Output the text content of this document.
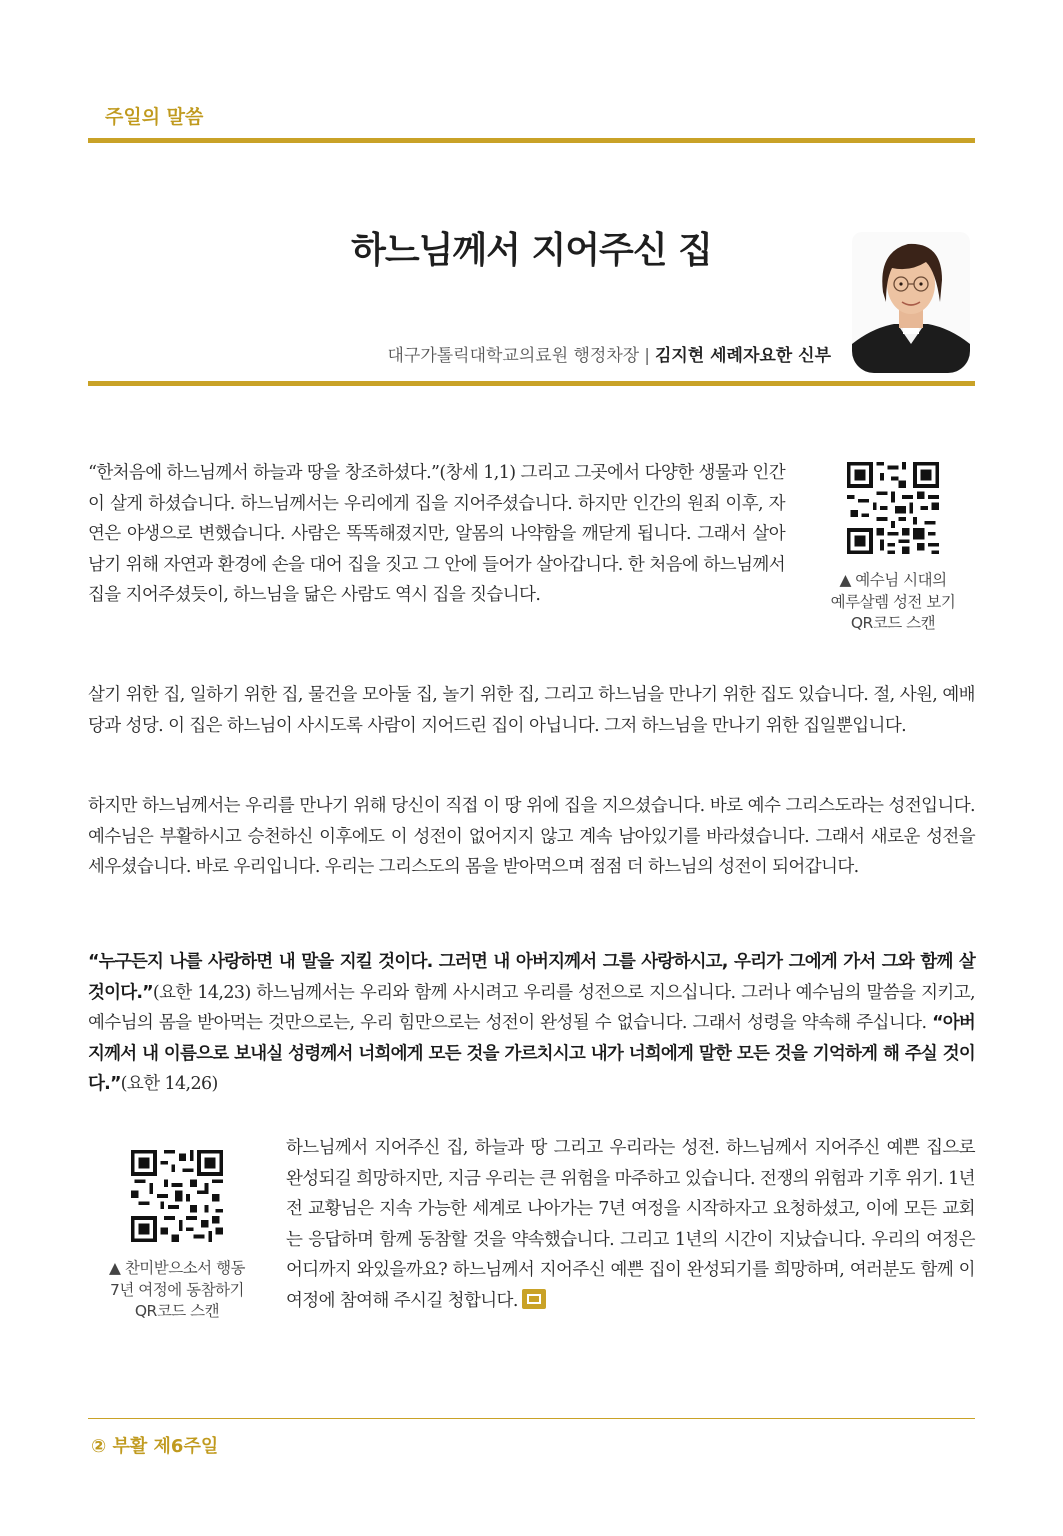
주일의 말씀
하느님께서 지어주신 집
대구가톨릭대학교의료원 행정차장 | 김지현 세례자요한 신부

“한처음에 하느님께서 하늘과 땅을 창조하셨다.”(창세 1,1) 그리고 그곳에서 다양한 생물과 인간이 살게 하셨습니다. 하느님께서는 우리에게 집을 지어주셨습니다. 하지만 인간의 원죄 이후, 자연은 야생으로 변했습니다. 사람은 똑똑해졌지만, 알몸의 나약함을 깨닫게 됩니다. 그래서 살아남기 위해 자연과 환경에 손을 대어 집을 짓고 그 안에 들어가 살아갑니다. 한 처음에 하느님께서 집을 지어주셨듯이, 하느님을 닮은 사람도 역시 집을 짓습니다.

▲ 예수님 시대의
예루살렘 성전 보기
QR코드 스캔

살기 위한 집, 일하기 위한 집, 물건을 모아둘 집, 놀기 위한 집, 그리고 하느님을 만나기 위한 집도 있습니다. 절, 사원, 예배당과 성당. 이 집은 하느님이 사시도록 사람이 지어드린 집이 아닙니다. 그저 하느님을 만나기 위한 집일뿐입니다.

하지만 하느님께서는 우리를 만나기 위해 당신이 직접 이 땅 위에 집을 지으셨습니다. 바로 예수 그리스도라는 성전입니다. 예수님은 부활하시고 승천하신 이후에도 이 성전이 없어지지 않고 계속 남아있기를 바라셨습니다. 그래서 새로운 성전을 세우셨습니다. 바로 우리입니다. 우리는 그리스도의 몸을 받아먹으며 점점 더 하느님의 성전이 되어갑니다.

“누구든지 나를 사랑하면 내 말을 지킬 것이다. 그러면 내 아버지께서 그를 사랑하시고, 우리가 그에게 가서 그와 함께 살 것이다.”(요한 14,23) 하느님께서는 우리와 함께 사시려고 우리를 성전으로 지으십니다. 그러나 예수님의 말씀을 지키고, 예수님의 몸을 받아먹는 것만으로는, 우리 힘만으로는 성전이 완성될 수 없습니다. 그래서 성령을 약속해 주십니다. “아버지께서 내 이름으로 보내실 성령께서 너희에게 모든 것을 가르치시고 내가 너희에게 말한 모든 것을 기억하게 해 주실 것이다.”(요한 14,26)

▲ 찬미받으소서 행동
7년 여정에 동참하기
QR코드 스캔

하느님께서 지어주신 집, 하늘과 땅 그리고 우리라는 성전. 하느님께서 지어주신 예쁜 집으로 완성되길 희망하지만, 지금 우리는 큰 위험을 마주하고 있습니다. 전쟁의 위험과 기후 위기. 1년 전 교황님은 지속 가능한 세계로 나아가는 7년 여정을 시작하자고 요청하셨고, 이에 모든 교회는 응답하며 함께 동참할 것을 약속했습니다. 그리고 1년의 시간이 지났습니다. 우리의 여정은 어디까지 와있을까요? 하느님께서 지어주신 예쁜 집이 완성되기를 희망하며, 여러분도 함께 이 여정에 참여해 주시길 청합니다.

② 부활 제6주일
